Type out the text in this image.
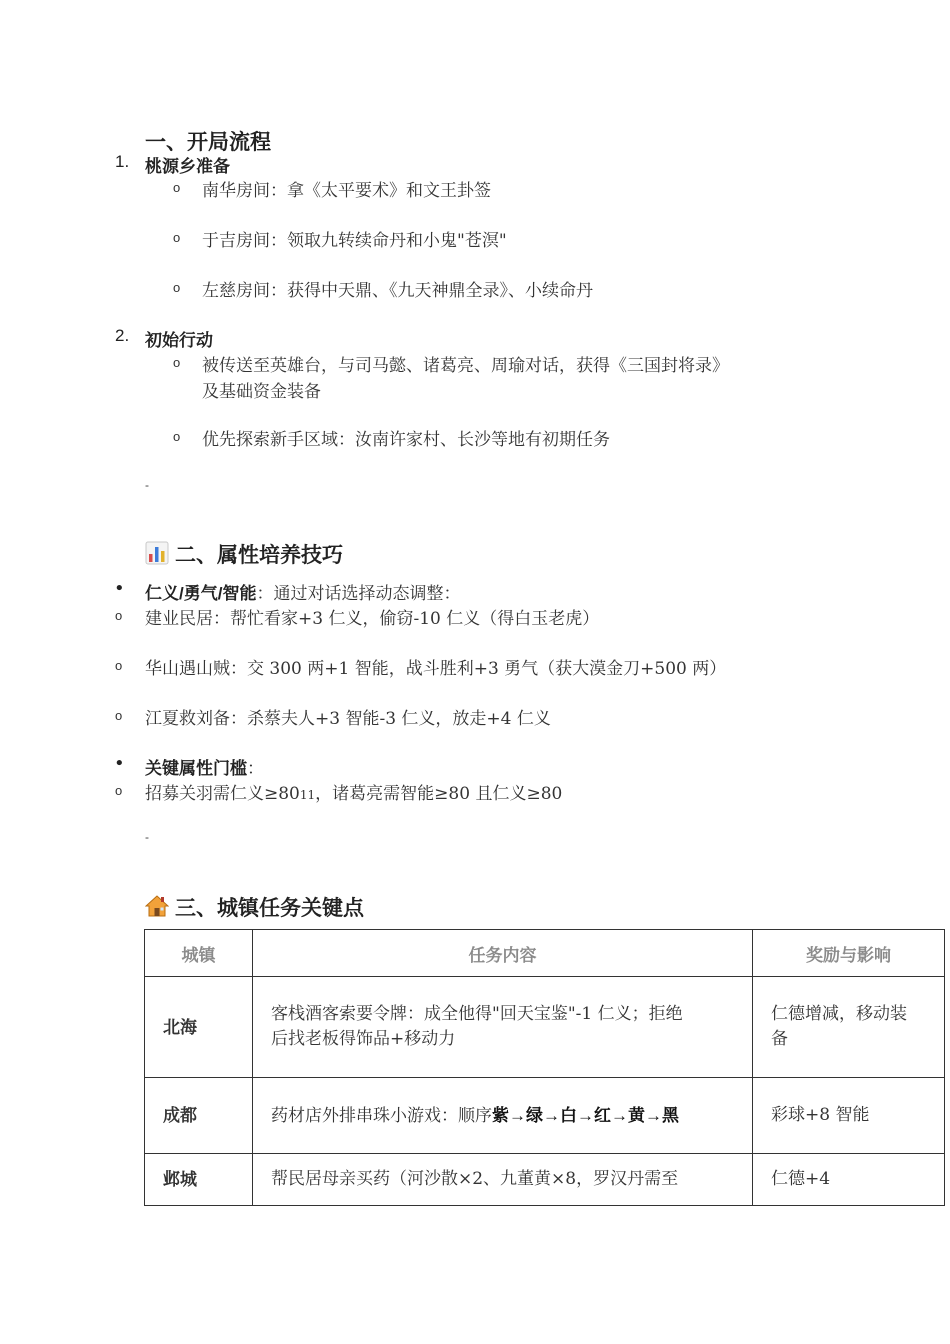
一、开局流程
1. 桃源乡准备
o 南华房间：拿《太平要术》和文王卦签
o 于吉房间：领取九转续命丹和小鬼"苍溟"
o 左慈房间：获得中天鼎、《九天神鼎全录》、小续命丹
2. 初始行动
o 被传送至英雄台，与司马懿、诸葛亮、周瑜对话，获得《三国封将录》
及基础资金装备
o 优先探索新手区域：汝南许家村、长沙等地有初期任务
-
二、属性培养技巧
• 仁义/勇气/智能：通过对话选择动态调整：
o 建业民居：帮忙看家+3 仁义，偷窃-10 仁义（得白玉老虎）
o 华山遇山贼：交 300 两+1 智能，战斗胜利+3 勇气（获大漠金刀+500 两）
o 江夏救刘备：杀蔡夫人+3 智能-3 仁义，放走+4 仁义
• 关键属性门槛：
o 招募关羽需仁义≥8011，诸葛亮需智能≥80 且仁义≥80
-
三、城镇任务关键点
城镇	任务内容	奖励与影响
北海	客栈酒客索要令牌：成全他得"回天宝鉴"-1 仁义；拒绝
后找老板得饰品+移动力	仁德增减，移动装
备
成都	药材店外排串珠小游戏：顺序紫→绿→白→红→黄→黑	彩球+8 智能
邺城	帮民居母亲买药（河沙散×2、九董黄×8，罗汉丹需至	仁德+4
